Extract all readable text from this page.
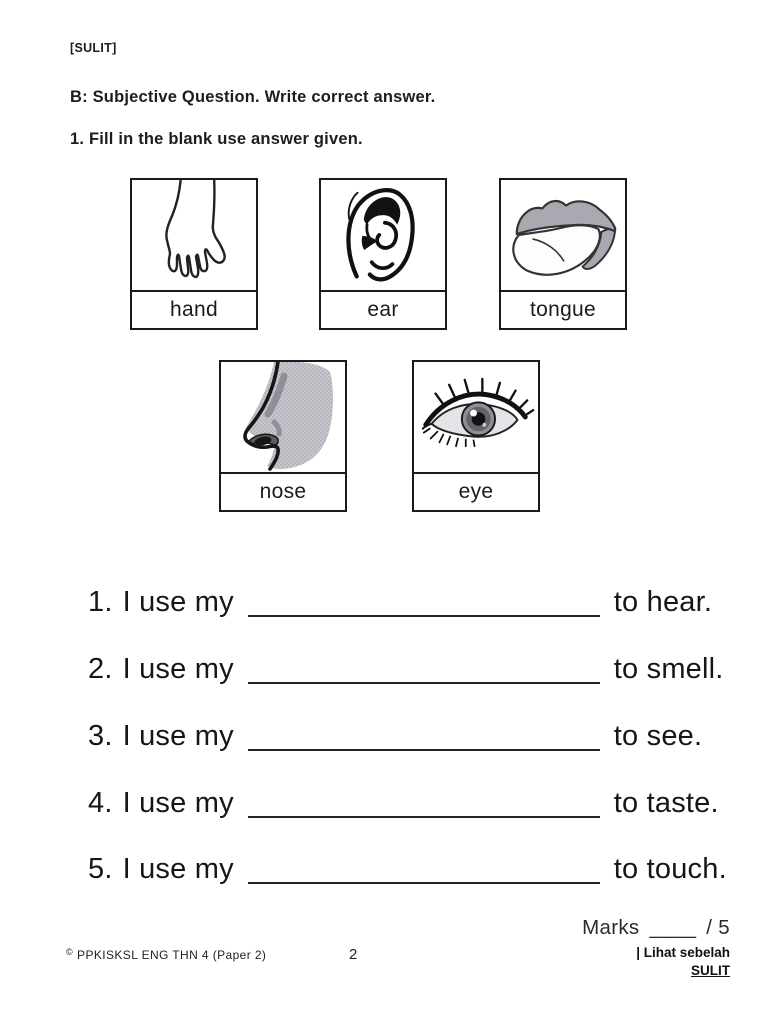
[SULIT]
B: Subjective Question. Write correct answer.
1. Fill in the blank use answer given.
hand	ear	tongue
nose	eye
1. I use my	to hear.
2. I use my	to smell.
3. I use my	to see.
4. I use my	to taste.
5. I use my	to touch.
Marks ____ / 5
© PPKISKSL ENG THN 4 (Paper 2)	2	| Lihat sebelah
SULIT
